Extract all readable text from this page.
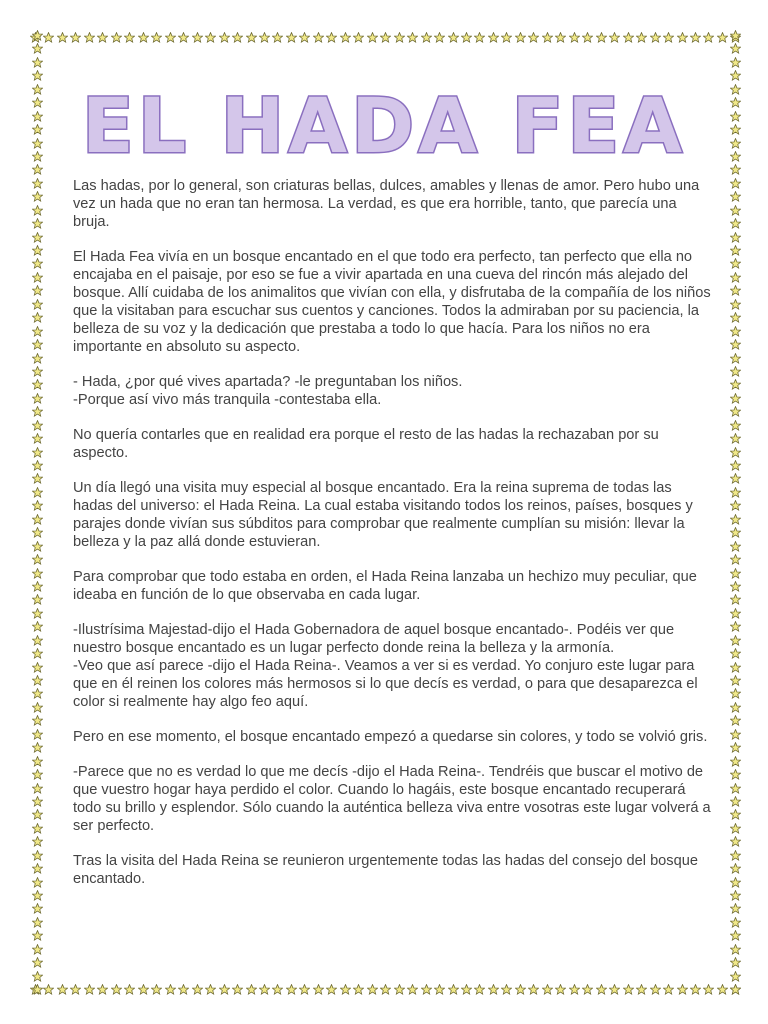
EL HADA FEA

Las hadas, por lo general, son criaturas bellas, dulces, amables y llenas de amor. Pero hubo una vez un hada que no eran tan hermosa. La verdad, es que era horrible, tanto, que parecía una bruja.

El Hada Fea vivía en un bosque encantado en el que todo era perfecto, tan perfecto que ella no encajaba en el paisaje, por eso se fue a vivir apartada en una cueva del rincón más alejado del bosque. Allí cuidaba de los animalitos que vivían con ella, y disfrutaba de la compañía de los niños que la visitaban para escuchar sus cuentos y canciones. Todos la admiraban por su paciencia, la belleza de su voz y la dedicación que prestaba a todo lo que hacía. Para los niños no era importante en absoluto su aspecto.

- Hada, ¿por qué vives apartada? -le preguntaban los niños.

-Porque así vivo más tranquila -contestaba ella.

No quería contarles que en realidad era porque el resto de las hadas la rechazaban por su aspecto.

Un día llegó una visita muy especial al bosque encantado. Era la reina suprema de todas las hadas del universo: el Hada Reina. La cual estaba visitando todos los reinos, países, bosques y parajes donde vivían sus súbditos para comprobar que realmente cumplían su misión: llevar la belleza y la paz allá donde estuvieran.

Para comprobar que todo estaba en orden, el Hada Reina lanzaba un hechizo muy peculiar, que ideaba en función de lo que observaba en cada lugar.

-Ilustrísima Majestad-dijo el Hada Gobernadora de aquel bosque encantado-. Podéis ver que nuestro bosque encantado es un lugar perfecto donde reina la belleza y la armonía.

-Veo que así parece -dijo el Hada Reina-. Veamos a ver si es verdad. Yo conjuro este lugar para que en él reinen los colores más hermosos si lo que decís es verdad, o para que desaparezca el color si realmente hay algo feo aquí.

Pero en ese momento, el bosque encantado empezó a quedarse sin colores, y todo se volvió gris.

-Parece que no es verdad lo que me decís -dijo el Hada Reina-. Tendréis que buscar el motivo de que vuestro hogar haya perdido el color. Cuando lo hagáis, este bosque encantado recuperará todo su brillo y esplendor. Sólo cuando la auténtica belleza viva entre vosotras este lugar volverá a ser perfecto.

Tras la visita del Hada Reina se reunieron urgentemente todas las hadas del consejo del bosque encantado.
